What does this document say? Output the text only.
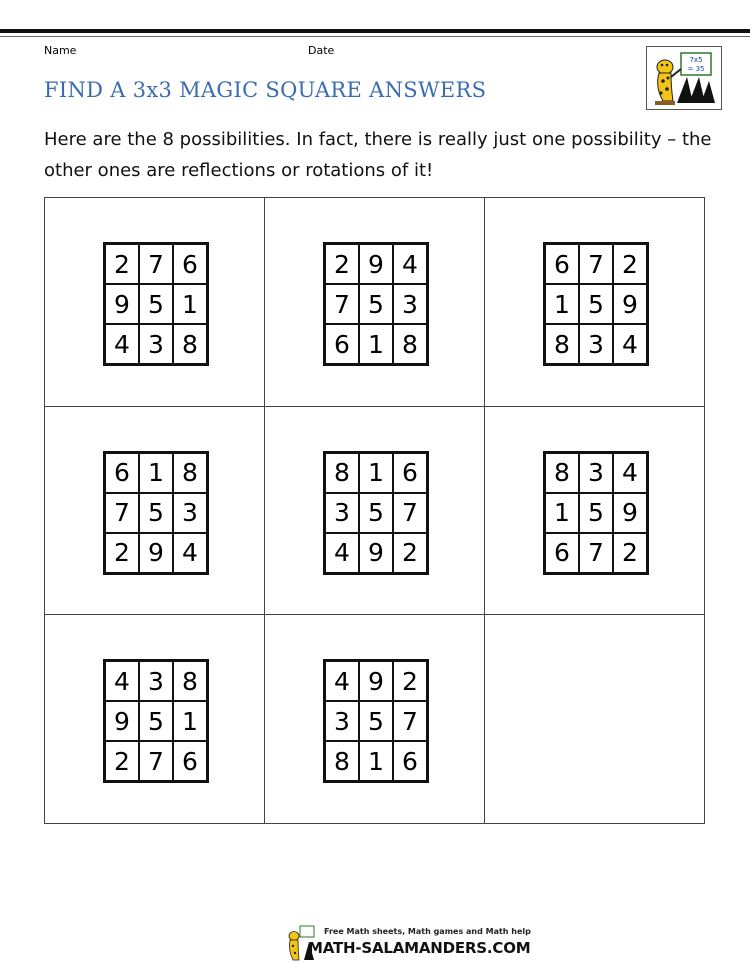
Name	Date
7x5
= 35
FIND A 3x3 MAGIC SQUARE ANSWERS
Here are the 8 possibilities. In fact, there is really just one possibility – the other ones are reflections or rotations of it!
2 7 6
9 5 1
4 3 8
2 9 4
7 5 3
6 1 8
6 7 2
1 5 9
8 3 4
6 1 8
7 5 3
2 9 4
8 1 6
3 5 7
4 9 2
8 3 4
1 5 9
6 7 2
4 3 8
9 5 1
2 7 6
4 9 2
3 5 7
8 1 6
Free Math sheets, Math games and Math help
MATH-SALAMANDERS.COM
